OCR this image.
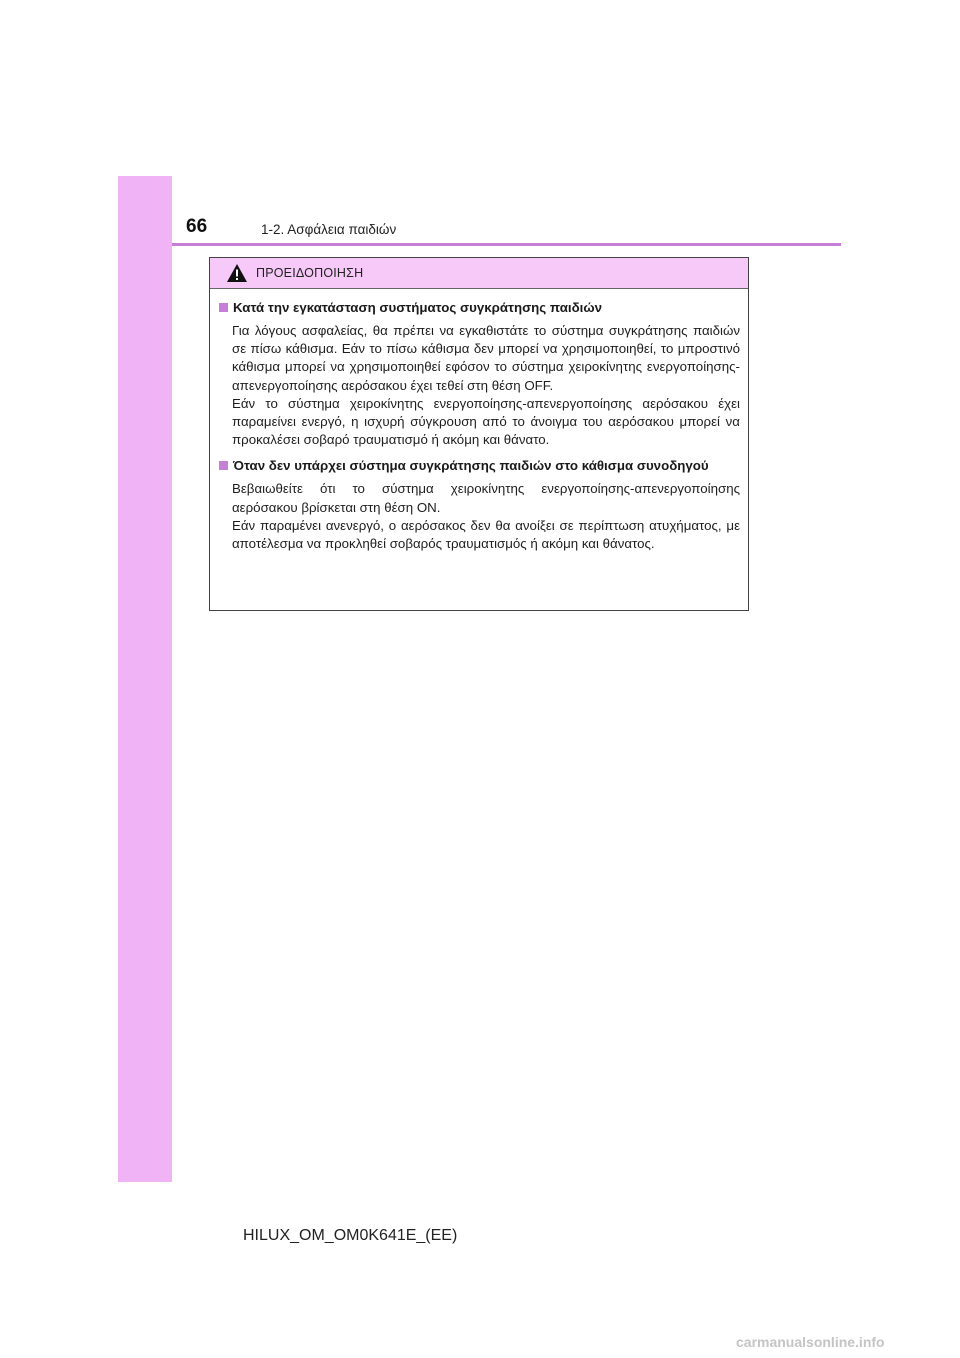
66	1-2. Ασφάλεια παιδιών
ΠΡΟΕΙΔΟΠΟΙΗΣΗ
Κατά την εγκατάσταση συστήματος συγκράτησης παιδιών

Για λόγους ασφαλείας, θα πρέπει να εγκαθιστάτε το σύστημα συγκράτησης παιδιών σε πίσω κάθισμα. Εάν το πίσω κάθισμα δεν μπορεί να χρησιμοποιηθεί, το μπροστινό κάθισμα μπορεί να χρησιμοποιηθεί εφόσον το σύστημα χειροκίνητης ενεργοποίησης-απενεργοποίησης αερόσακου έχει τεθεί στη θέση OFF.

Εάν το σύστημα χειροκίνητης ενεργοποίησης-απενεργοποίησης αερόσακου έχει παραμείνει ενεργό, η ισχυρή σύγκρουση από το άνοιγμα του αερόσακου μπορεί να προκαλέσει σοβαρό τραυματισμό ή ακόμη και θάνατο.

Όταν δεν υπάρχει σύστημα συγκράτησης παιδιών στο κάθισμα συνοδηγού

Βεβαιωθείτε ότι το σύστημα χειροκίνητης ενεργοποίησης-απενεργοποίησης αερόσακου βρίσκεται στη θέση ON.

Εάν παραμένει ανενεργό, ο αερόσακος δεν θα ανοίξει σε περίπτωση ατυχήματος, με αποτέλεσμα να προκληθεί σοβαρός τραυματισμός ή ακόμη και θάνατος.

HILUX_OM_OM0K641E_(EE)
carmanualsonline.info
